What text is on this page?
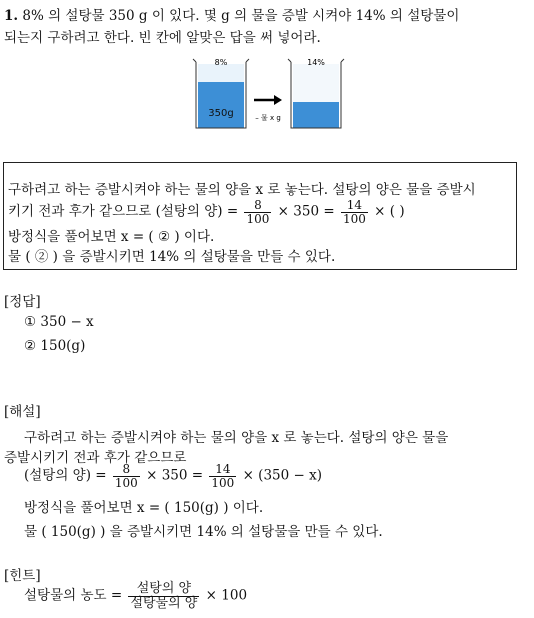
1. 8% 의 설탕물 350 g 이 있다. 몇 g 의 물을 증발 시켜야 14% 의 설탕물이
되는지 구하려고 한다. 빈 칸에 알맞은 답을 써 넣어라.
8%
350g	– 물 x g
14%
구하려고 하는 증발시켜야 하는 물의 양을 x 로 놓는다. 설탕의 양은 물을 증발시
키기 전과 후가 같으므로 (설탕의 양) = $\frac{8}{100} \times 350 = \frac{14}{100}$ × ( )
방정식을 풀어보면 x = ( ② ) 이다.
물 ( ② ) 을 증발시키면 14% 의 설탕물을 만들 수 있다.
[정답]
① 350 − x
② 150(g)
[해설]
구하려고 하는 증발시켜야 하는 물의 양을 x 로 놓는다. 설탕의 양은 물을
증발시키기 전과 후가 같으므로
(설탕의 양) = $\frac{8}{100} \times 350 = \frac{14}{100} \times (350 - x)$
방정식을 풀어보면 x = ( 150(g) ) 이다.
물 ( 150(g) ) 을 증발시키면 14% 의 설탕물을 만들 수 있다.
[힌트]
설탕물의 농도 = $\frac{\text{설탕의 양}}{\text{설탕물의 양}} \times 100$
